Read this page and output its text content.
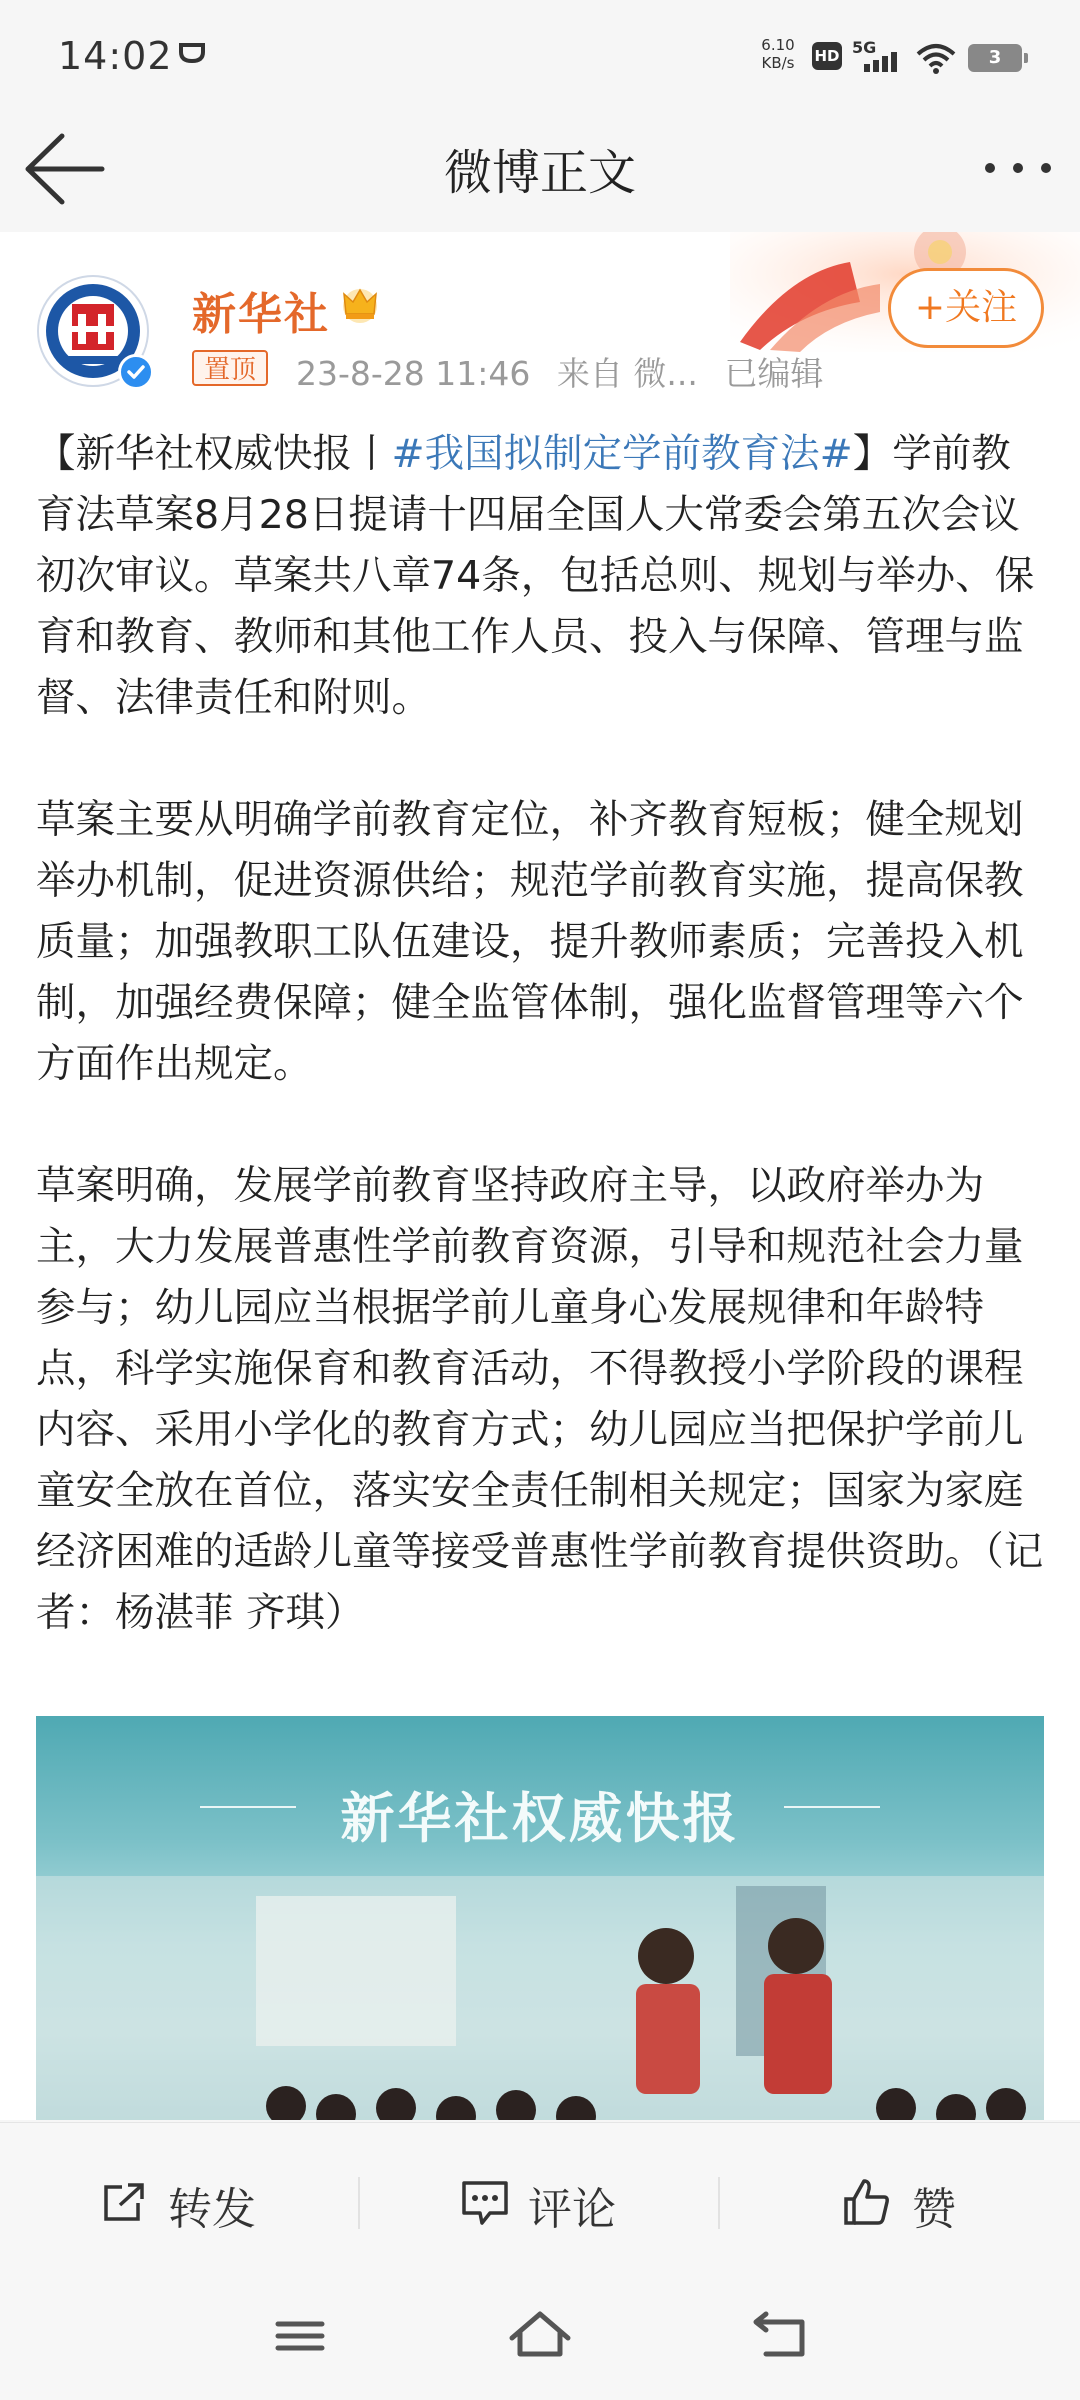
14:02	6.10
KB/s	HD 5G	3
微博正文
新华社
置顶	23-8-28 11:46 来自 微... 已编辑
+关注

【新华社权威快报丨#我国拟制定学前教育法#】学前教育法草案8月28日提请十四届全国人大常委会第五次会议初次审议。草案共八章74条，包括总则、规划与举办、保育和教育、教师和其他工作人员、投入与保障、管理与监督、法律责任和附则。

草案主要从明确学前教育定位，补齐教育短板；健全规划举办机制，促进资源供给；规范学前教育实施，提高保教质量；加强教职工队伍建设，提升教师素质；完善投入机制，加强经费保障；健全监管体制，强化监督管理等六个方面作出规定。

草案明确，发展学前教育坚持政府主导，以政府举办为主，大力发展普惠性学前教育资源，引导和规范社会力量参与；幼儿园应当根据学前儿童身心发展规律和年龄特点，科学实施保育和教育活动，不得教授小学阶段的课程内容、采用小学化的教育方式；幼儿园应当把保护学前儿童安全放在首位，落实安全责任制相关规定；国家为家庭经济困难的适龄儿童等接受普惠性学前教育提供资助。（记者：杨湛菲 齐琪）

新华社权威快报
转发	评论	赞
